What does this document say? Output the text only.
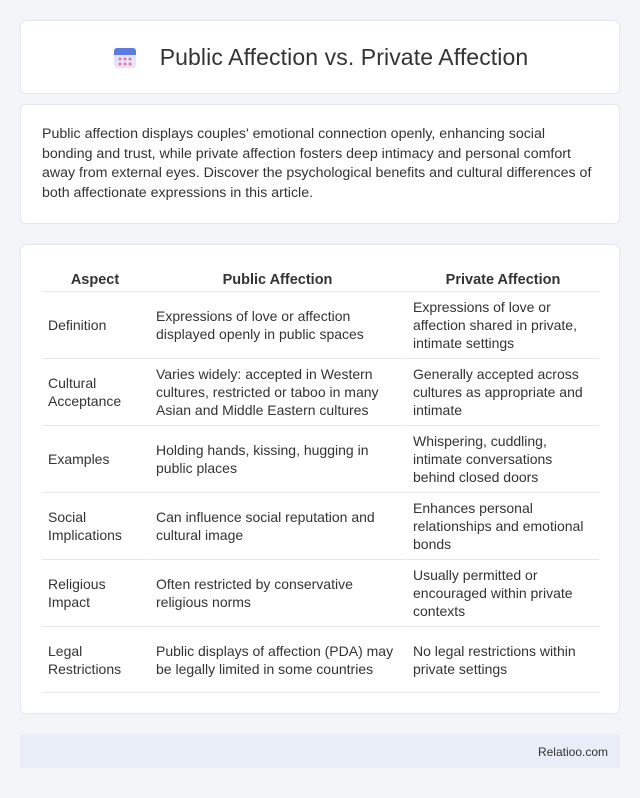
Public Affection vs. Private Affection

Public affection displays couples' emotional connection openly, enhancing social bonding and trust, while private affection fosters deep intimacy and personal comfort away from external eyes. Discover the psychological benefits and cultural differences of both affectionate expressions in this article.

Aspect	Public Affection	Private Affection
Definition	Expressions of love or affection displayed openly in public spaces	Expressions of love or affection shared in private, intimate settings
Cultural Acceptance	Varies widely: accepted in Western cultures, restricted or taboo in many Asian and Middle Eastern cultures	Generally accepted across cultures as appropriate and intimate
Examples	Holding hands, kissing, hugging in public places	Whispering, cuddling, intimate conversations behind closed doors
Social Implications	Can influence social reputation and cultural image	Enhances personal relationships and emotional bonds
Religious Impact	Often restricted by conservative religious norms	Usually permitted or encouraged within private contexts
Legal Restrictions	Public displays of affection (PDA) may be legally limited in some countries	No legal restrictions within private settings
Relatioo.com
